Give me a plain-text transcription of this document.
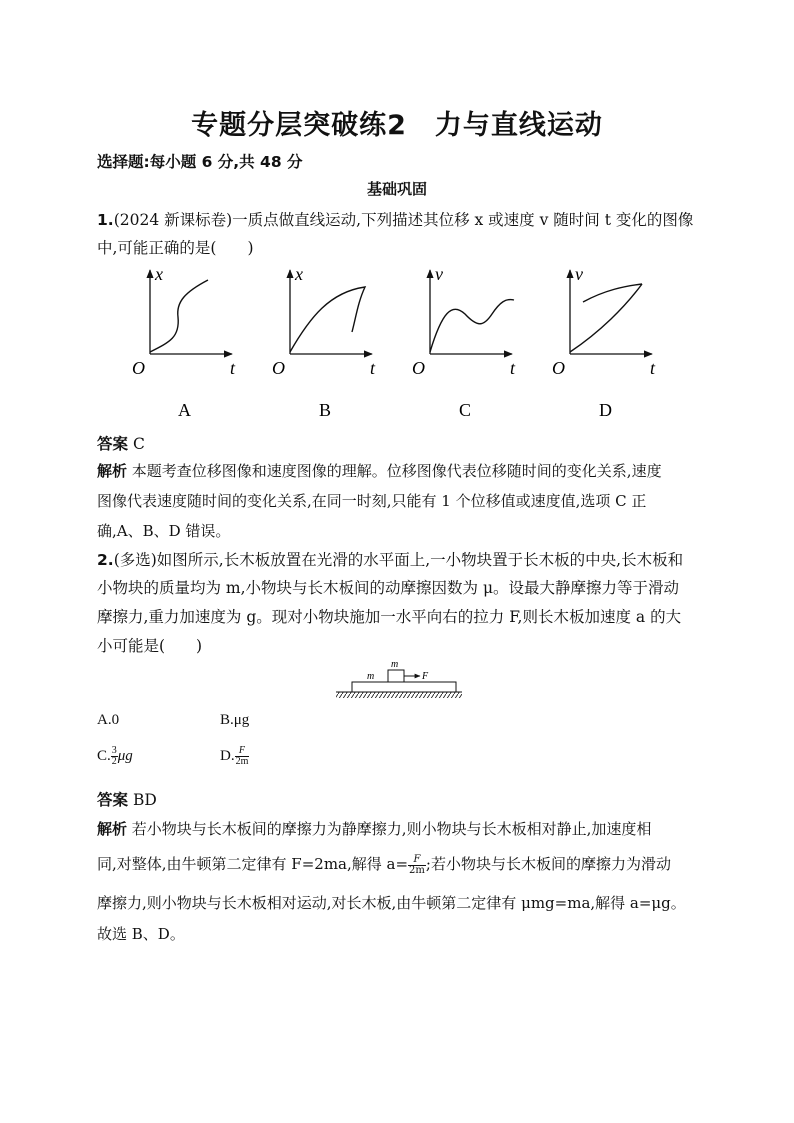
专题分层突破练2　力与直线运动
选择题:每小题 6 分,共 48 分
基础巩固
1.(2024 新课标卷)一质点做直线运动,下列描述其位移 x 或速度 v 随时间 t 变化的图像
中,可能正确的是(　　)
x
t
O
A
x
t
O
B
v
t
O
C
v
t
O
D
答案 C
解析 本题考查位移图像和速度图像的理解。位移图像代表位移随时间的变化关系,速度
图像代表速度随时间的变化关系,在同一时刻,只能有 1 个位移值或速度值,选项 C 正
确,A、B、D 错误。
2.(多选)如图所示,长木板放置在光滑的水平面上,一小物块置于长木板的中央,长木板和
小物块的质量均为 m,小物块与长木板间的动摩擦因数为 μ。设最大静摩擦力等于滑动
摩擦力,重力加速度为 g。现对小物块施加一水平向右的拉力 F,则长木板加速度 a 的大
小可能是(　　)
m
m
F
A.0	B.μg
C. $\frac{3}{2}$ μg	D. $\frac{F}{2m}$
答案 BD
解析 若小物块与长木板间的摩擦力为静摩擦力,则小物块与长木板相对静止,加速度相
同,对整体,由牛顿第二定律有 F=2ma,解得 $a= \frac{F}{2m}$ ;若小物块与长木板间的摩擦力为滑动
摩擦力,则小物块与长木板相对运动,对长木板,由牛顿第二定律有 μmg=ma,解得 a=μg。
故选 B、D。
